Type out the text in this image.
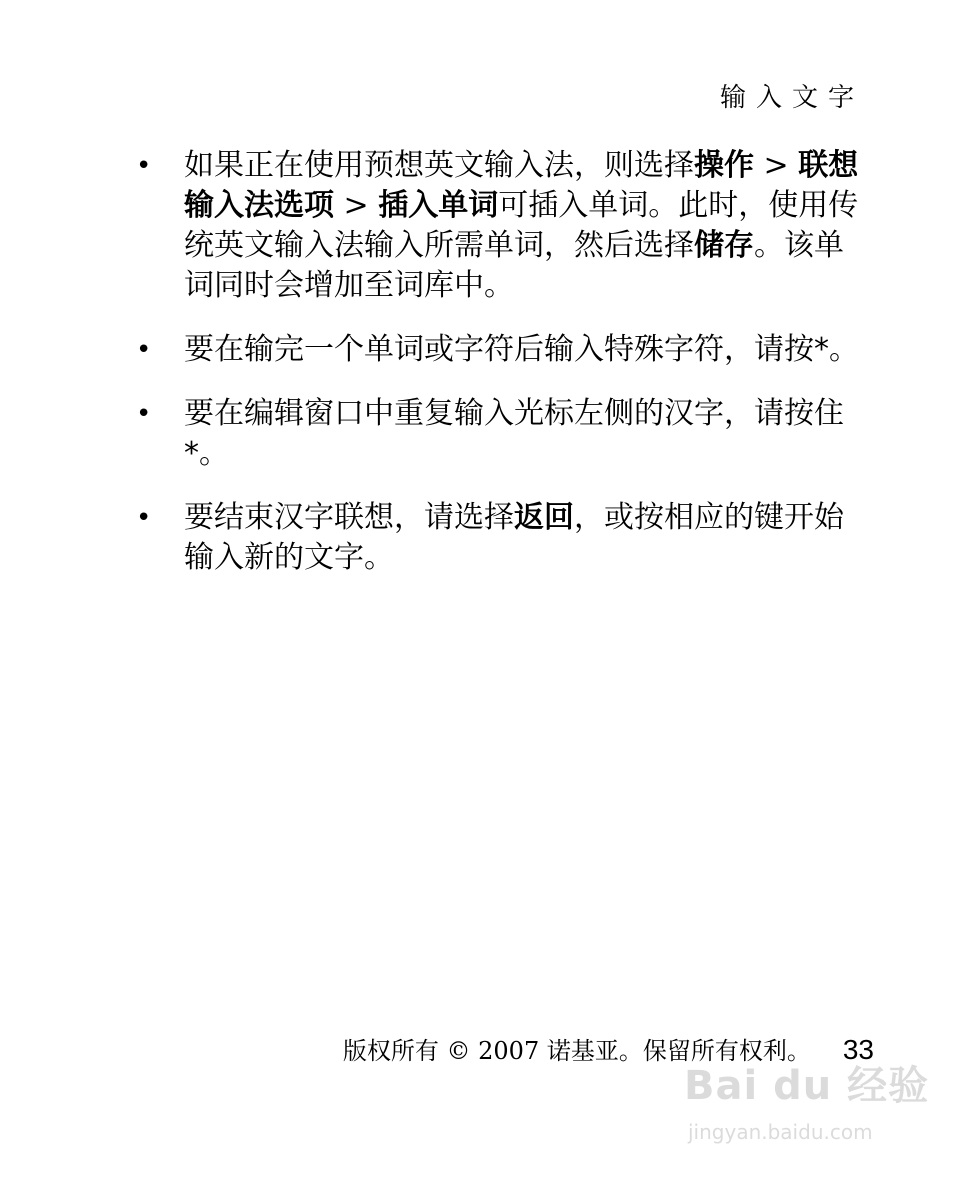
输入文字
• 如果正在使用预想英文输入法，则选择操作 > 联想输入法选项 > 插入单词可插入单词。此时，使用传统英文输入法输入所需单词，然后选择储存。该单词同时会增加至词库中。
• 要在输完一个单词或字符后输入特殊字符，请按*。
• 要在编辑窗口中重复输入光标左侧的汉字，请按住 *。
• 要结束汉字联想，请选择返回，或按相应的键开始输入新的文字。
版权所有 © 2007 诺基亚。保留所有权利。 33
Bai du 经验
jingyan.baidu.com
